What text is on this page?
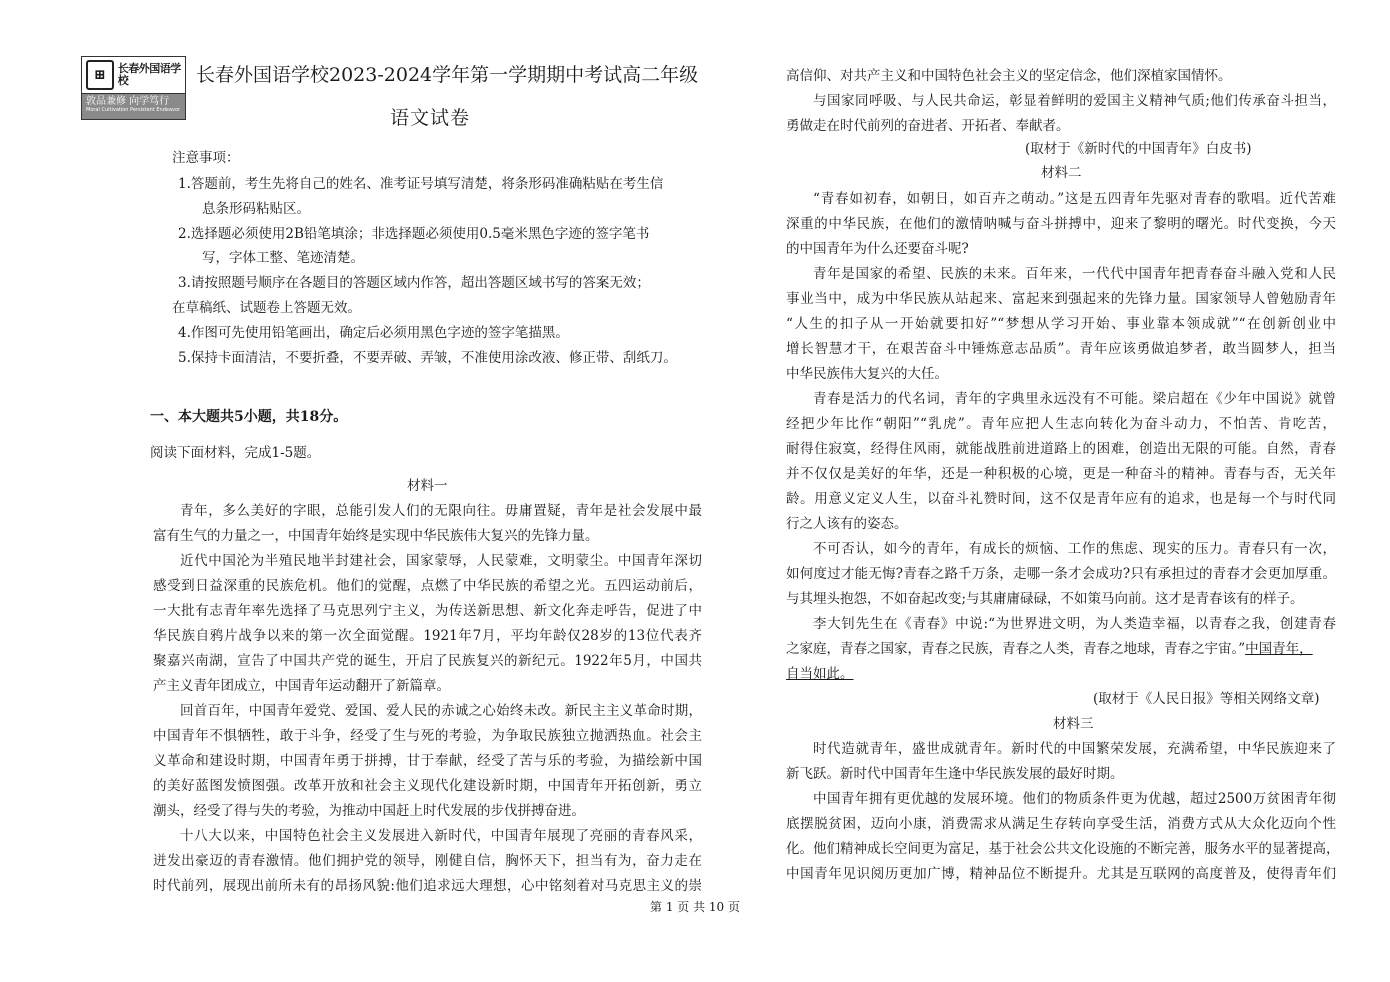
⊞	长春外国语学校
敦品兼修 向学笃行
Moral Cultivation Persistent Endeavor
长春外国语学校2023-2024学年第一学期期中考试高二年级
语文试卷
注意事项：
1.答题前，考生先将自己的姓名、准考证号填写清楚，将条形码准确粘贴在考生信
息条形码粘贴区。
2.选择题必须使用2B铅笔填涂；非选择题必须使用0.5毫米黑色字迹的签字笔书
写，字体工整、笔迹清楚。
3.请按照题号顺序在各题目的答题区域内作答，超出答题区域书写的答案无效；
在草稿纸、试题卷上答题无效。
4.作图可先使用铅笔画出，确定后必须用黑色字迹的签字笔描黑。
5.保持卡面清洁，不要折叠，不要弄破、弄皱，不准使用涂改液、修正带、刮纸刀。
一、本大题共5小题，共18分。
阅读下面材料，完成1-5题。
材料一
青年，多么美好的字眼，总能引发人们的无限向往。毋庸置疑，青年是社会发展中最
富有生气的力量之一，中国青年始终是实现中华民族伟大复兴的先锋力量。
近代中国沦为半殖民地半封建社会，国家蒙辱，人民蒙难，文明蒙尘。中国青年深切
感受到日益深重的民族危机。他们的觉醒，点燃了中华民族的希望之光。五四运动前后，
一大批有志青年率先选择了马克思列宁主义，为传送新思想、新文化奔走呼告，促进了中
华民族自鸦片战争以来的第一次全面觉醒。1921年7月，平均年龄仅28岁的13位代表齐
聚嘉兴南湖，宣告了中国共产党的诞生，开启了民族复兴的新纪元。1922年5月，中国共
产主义青年团成立，中国青年运动翻开了新篇章。
回首百年，中国青年爱党、爱国、爱人民的赤诚之心始终未改。新民主主义革命时期，
中国青年不惧牺牲，敢于斗争，经受了生与死的考验，为争取民族独立抛洒热血。社会主
义革命和建设时期，中国青年勇于拼搏，甘于奉献，经受了苦与乐的考验，为描绘新中国
的美好蓝图发愤图强。改革开放和社会主义现代化建设新时期，中国青年开拓创新，勇立
潮头，经受了得与失的考验，为推动中国赶上时代发展的步伐拼搏奋进。
十八大以来，中国特色社会主义发展进入新时代，中国青年展现了亮丽的青春风采，
迸发出豪迈的青春激情。他们拥护党的领导，刚健自信，胸怀天下，担当有为，奋力走在
时代前列，展现出前所未有的昂扬风貌:他们追求远大理想，心中铭刻着对马克思主义的崇
高信仰、对共产主义和中国特色社会主义的坚定信念，他们深植家国情怀。
与国家同呼吸、与人民共命运，彰显着鲜明的爱国主义精神气质;他们传承奋斗担当，
勇做走在时代前列的奋进者、开拓者、奉献者。
(取材于《新时代的中国青年》白皮书)
材料二
“青春如初春，如朝日，如百卉之萌动。”这是五四青年先驱对青春的歌唱。近代苦难
深重的中华民族，在他们的激情呐喊与奋斗拼搏中，迎来了黎明的曙光。时代变换，今天
的中国青年为什么还要奋斗呢?
青年是国家的希望、民族的未来。百年来，一代代中国青年把青春奋斗融入党和人民
事业当中，成为中华民族从站起来、富起来到强起来的先锋力量。国家领导人曾勉励青年
“人生的扣子从一开始就要扣好”“梦想从学习开始、事业靠本领成就”“在创新创业中
增长智慧才干，在艰苦奋斗中锤炼意志品质”。青年应该勇做追梦者，敢当圆梦人，担当
中华民族伟大复兴的大任。
青春是活力的代名词，青年的字典里永远没有不可能。梁启超在《少年中国说》就曾
经把少年比作“朝阳”“乳虎”。青年应把人生志向转化为奋斗动力，不怕苦、肯吃苦，
耐得住寂寞，经得住风雨，就能战胜前进道路上的困难，创造出无限的可能。自然，青春
并不仅仅是美好的年华，还是一种积极的心境，更是一种奋斗的精神。青春与否，无关年
龄。用意义定义人生，以奋斗礼赞时间，这不仅是青年应有的追求，也是每一个与时代同
行之人该有的姿态。
不可否认，如今的青年，有成长的烦恼、工作的焦虑、现实的压力。青春只有一次，
如何度过才能无悔?青春之路千万条，走哪一条才会成功?只有承担过的青春才会更加厚重。
与其埋头抱怨，不如奋起改变;与其庸庸碌碌，不如策马向前。这才是青春该有的样子。
李大钊先生在《青春》中说:“为世界进文明，为人类造幸福，以青春之我，创建青春
之家庭，青春之国家，青春之民族，青春之人类，青春之地球，青春之宇宙。”中国青年，
自当如此。
(取材于《人民日报》等相关网络文章)
材料三
时代造就青年，盛世成就青年。新时代的中国繁荣发展，充满希望，中华民族迎来了
新飞跃。新时代中国青年生逢中华民族发展的最好时期。
中国青年拥有更优越的发展环境。他们的物质条件更为优越，超过2500万贫困青年彻
底摆脱贫困，迈向小康，消费需求从满足生存转向享受生活，消费方式从大众化迈向个性
化。他们精神成长空间更为富足，基于社会公共文化设施的不断完善，服务水平的显著提高，
中国青年见识阅历更加广博，精神品位不断提升。尤其是互联网的高度普及，使得青年们
第 1 页 共 10 页
